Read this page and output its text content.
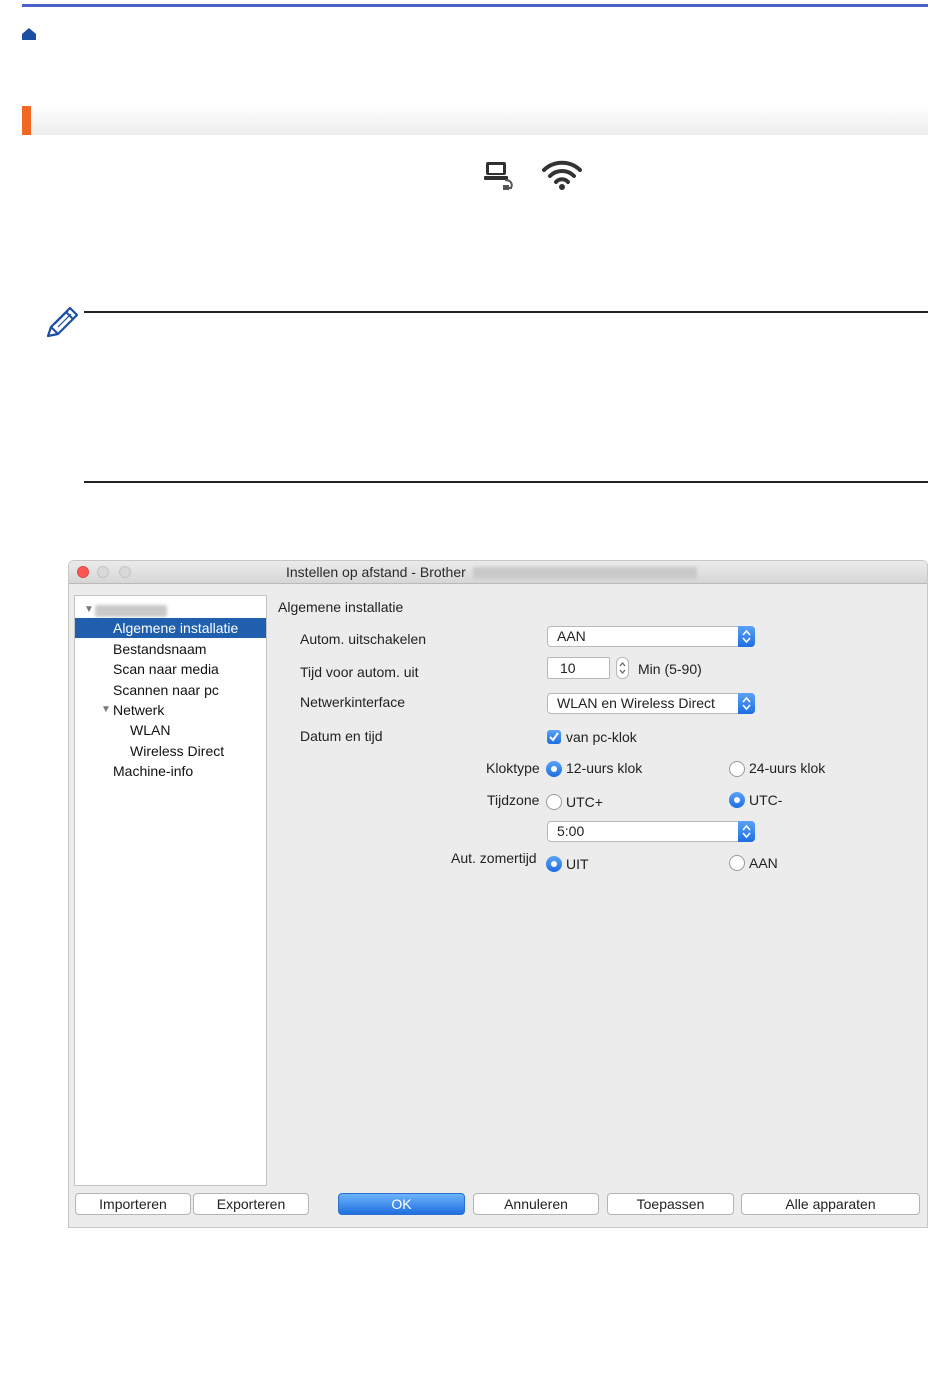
Instellen op afstand - Brother
▼
Algemene installatie
Bestandsnaam
Scan naar media
Scannen naar pc
▼ Netwerk
WLAN
Wireless Direct
Machine-info
Algemene installatie
Autom. uitschakelen	AAN
Tijd voor autom. uit	10	Min (5-90)
Netwerkinterface	WLAN en Wireless Direct
Datum en tijd	van pc-klok
Kloktype 12-uurs klok	24-uurs klok
Tijdzone UTC+	UTC-
5:00
Aut. zomertijd UIT	AAN
Importeren	Exporteren	OK	Annuleren	Toepassen	Alle apparaten
